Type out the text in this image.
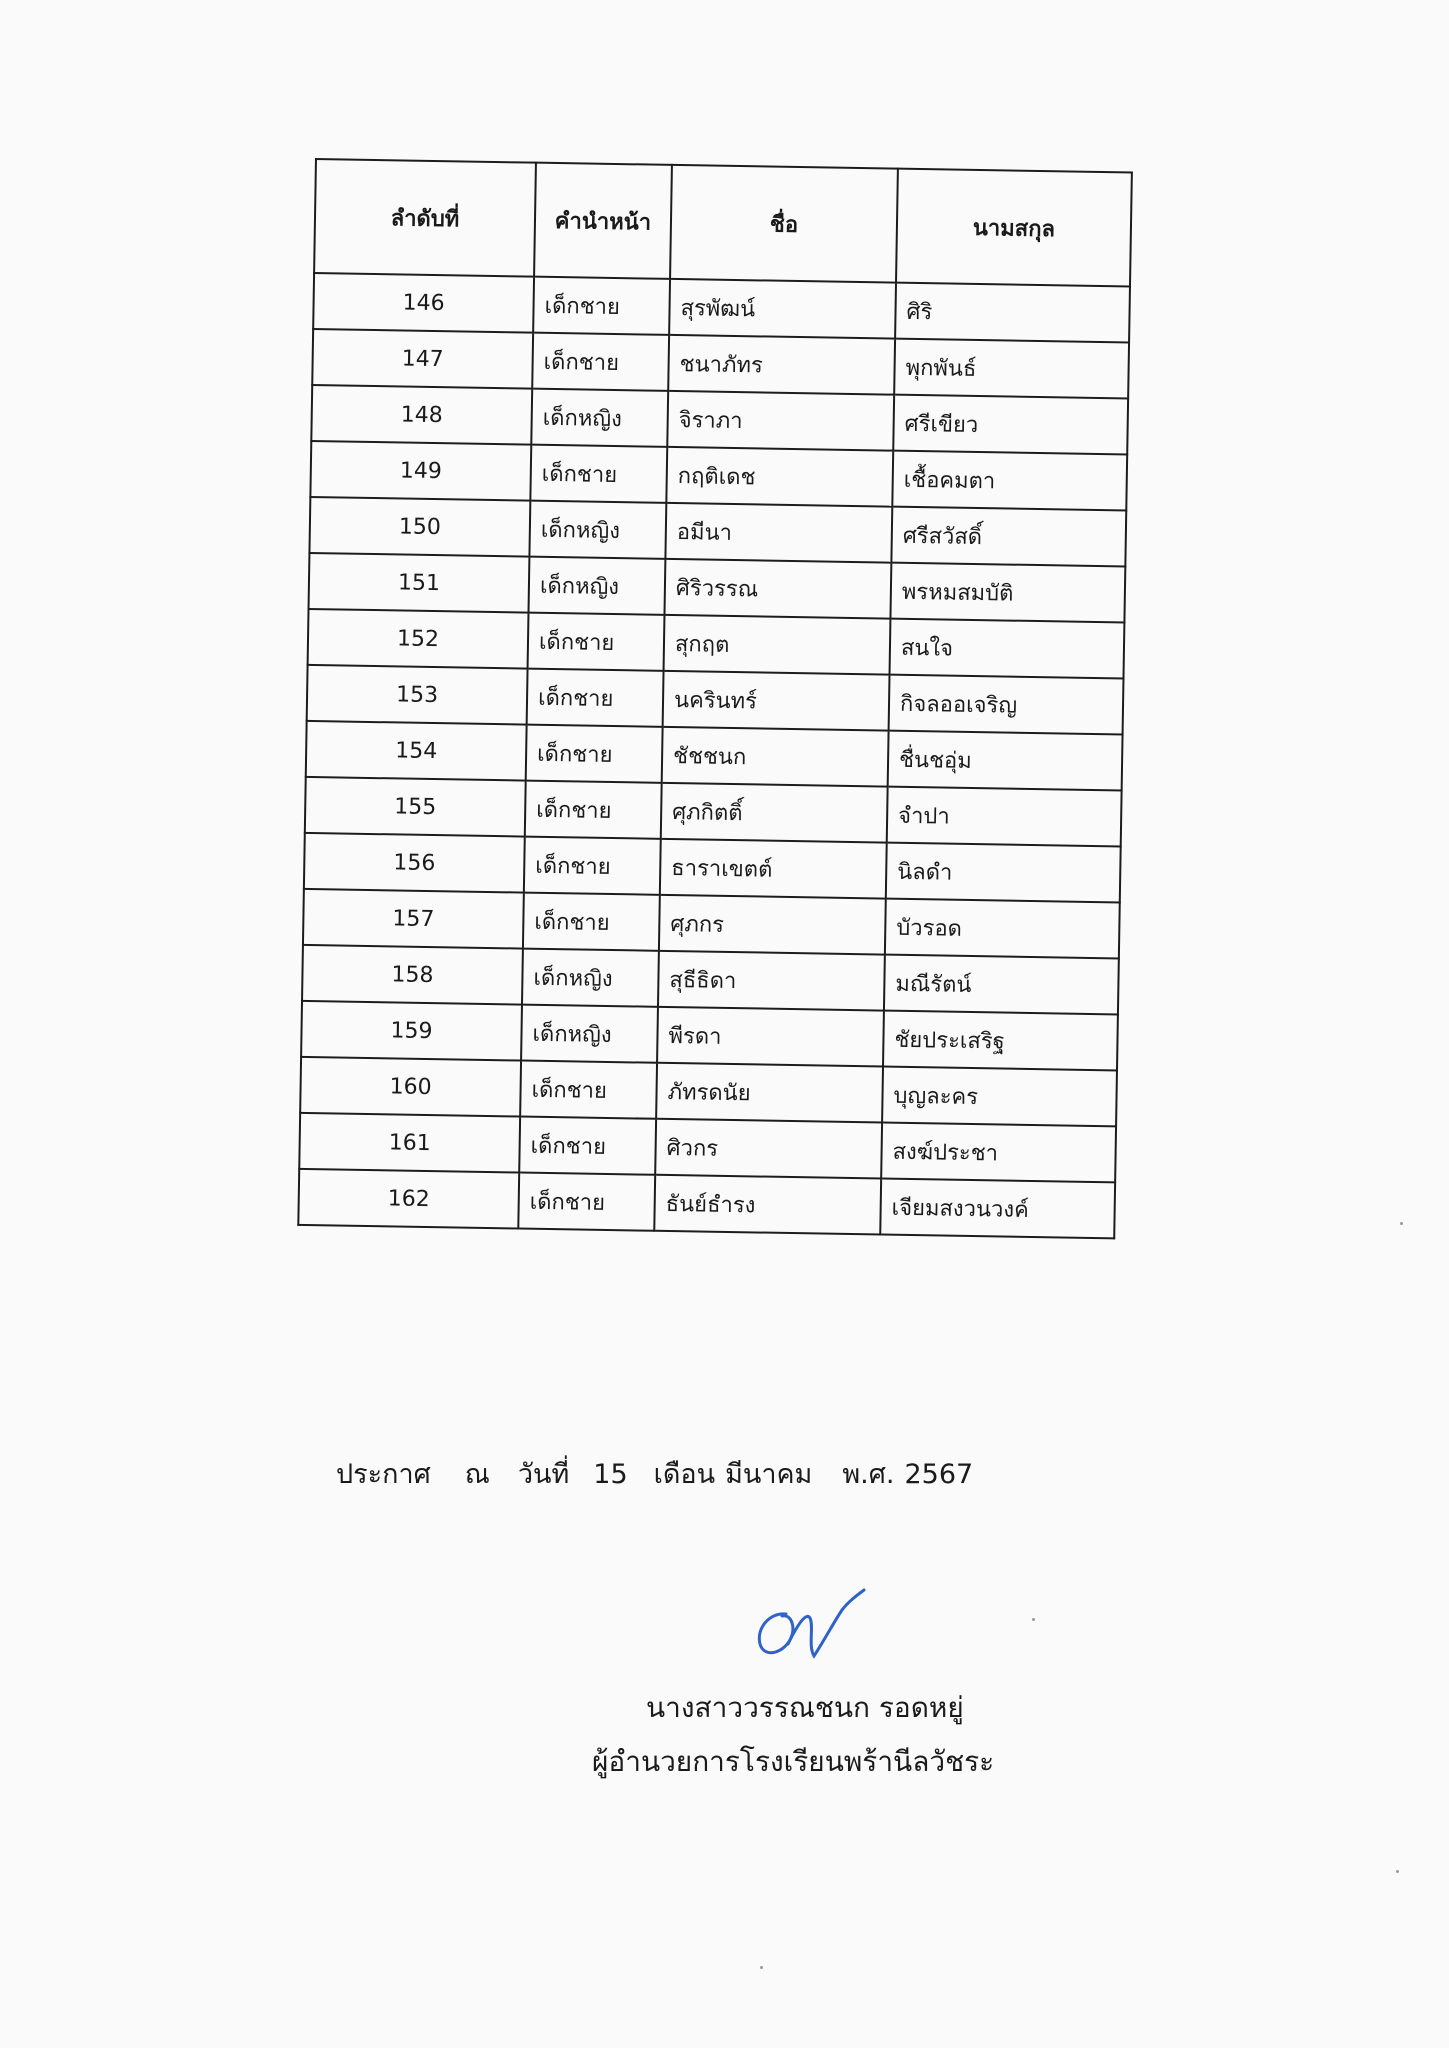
ลำดับที่	คำนำหน้า	ชื่อ	นามสกุล
146	เด็กชาย	สุรพัฒน์	ศิริ
147	เด็กชาย	ชนาภัทร	พุกพันธ์
148	เด็กหญิง	จิราภา	ศรีเขียว
149	เด็กชาย	กฤติเดช	เชื้อคมตา
150	เด็กหญิง	อมีนา	ศรีสวัสดิ์
151	เด็กหญิง	ศิริวรรณ	พรหมสมบัติ
152	เด็กชาย	สุกฤต	สนใจ
153	เด็กชาย	นครินทร์	กิจลออเจริญ
154	เด็กชาย	ชัชชนก	ชื่นชอุ่ม
155	เด็กชาย	ศุภกิตติ์	จำปา
156	เด็กชาย	ธาราเขตต์	นิลดำ
157	เด็กชาย	ศุภกร	บัวรอด
158	เด็กหญิง	สุธีธิดา	มณีรัตน์
159	เด็กหญิง	พีรดา	ชัยประเสริฐ
160	เด็กชาย	ภัทรดนัย	บุญละคร
161	เด็กชาย	ศิวกร	สงฆ์ประชา
162	เด็กชาย	ธันย์ธำรง	เจียมสงวนวงค์
ประกาศ ณ วันที่ 15 เดือน มีนาคม พ.ศ. 2567
นางสาววรรณชนก รอดหยู่
ผู้อำนวยการโรงเรียนพร้านีลวัชระ
